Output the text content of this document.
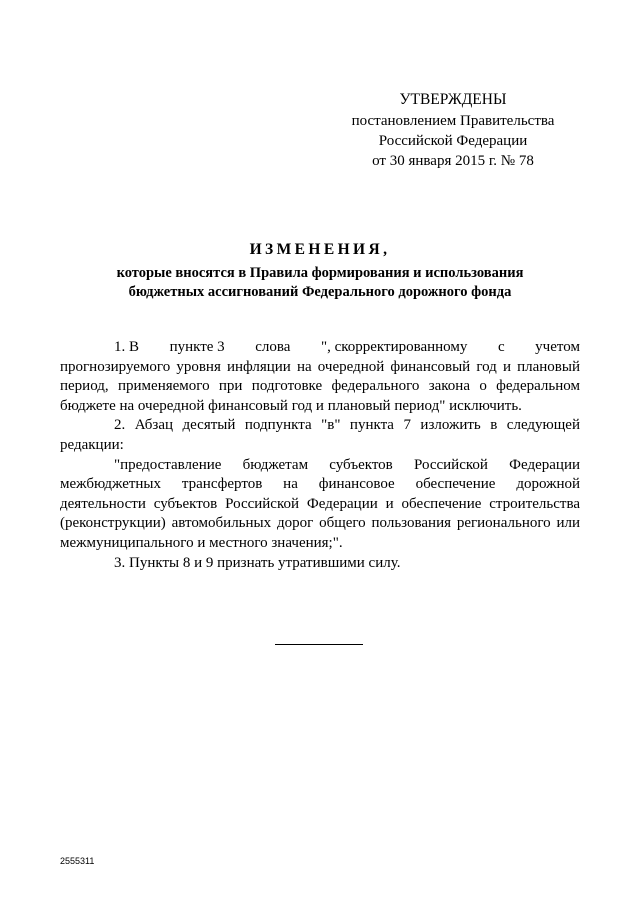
УТВЕРЖДЕНЫ
постановлением Правительства
Российской Федерации
от 30 января 2015 г. № 78
ИЗМЕНЕНИЯ,
которые вносятся в Правила формирования и использования
бюджетных ассигнований Федерального дорожного фонда
1. В пункте 3 слова ", скорректированному с учетом

прогнозируемого уровня инфляции на очередной финансовый год и плановый период, применяемого при подготовке федерального закона о федеральном бюджете на очередной финансовый год и плановый период" исключить.

2. Абзац десятый подпункта "в" пункта 7 изложить в следующей редакции:

"предоставление бюджетам субъектов Российской Федерации межбюджетных трансфертов на финансовое обеспечение дорожной деятельности субъектов Российской Федерации и обеспечение строительства (реконструкции) автомобильных дорог общего пользования регионального или межмуниципального и местного значения;".

3. Пункты 8 и 9 признать утратившими силу.

2555311
